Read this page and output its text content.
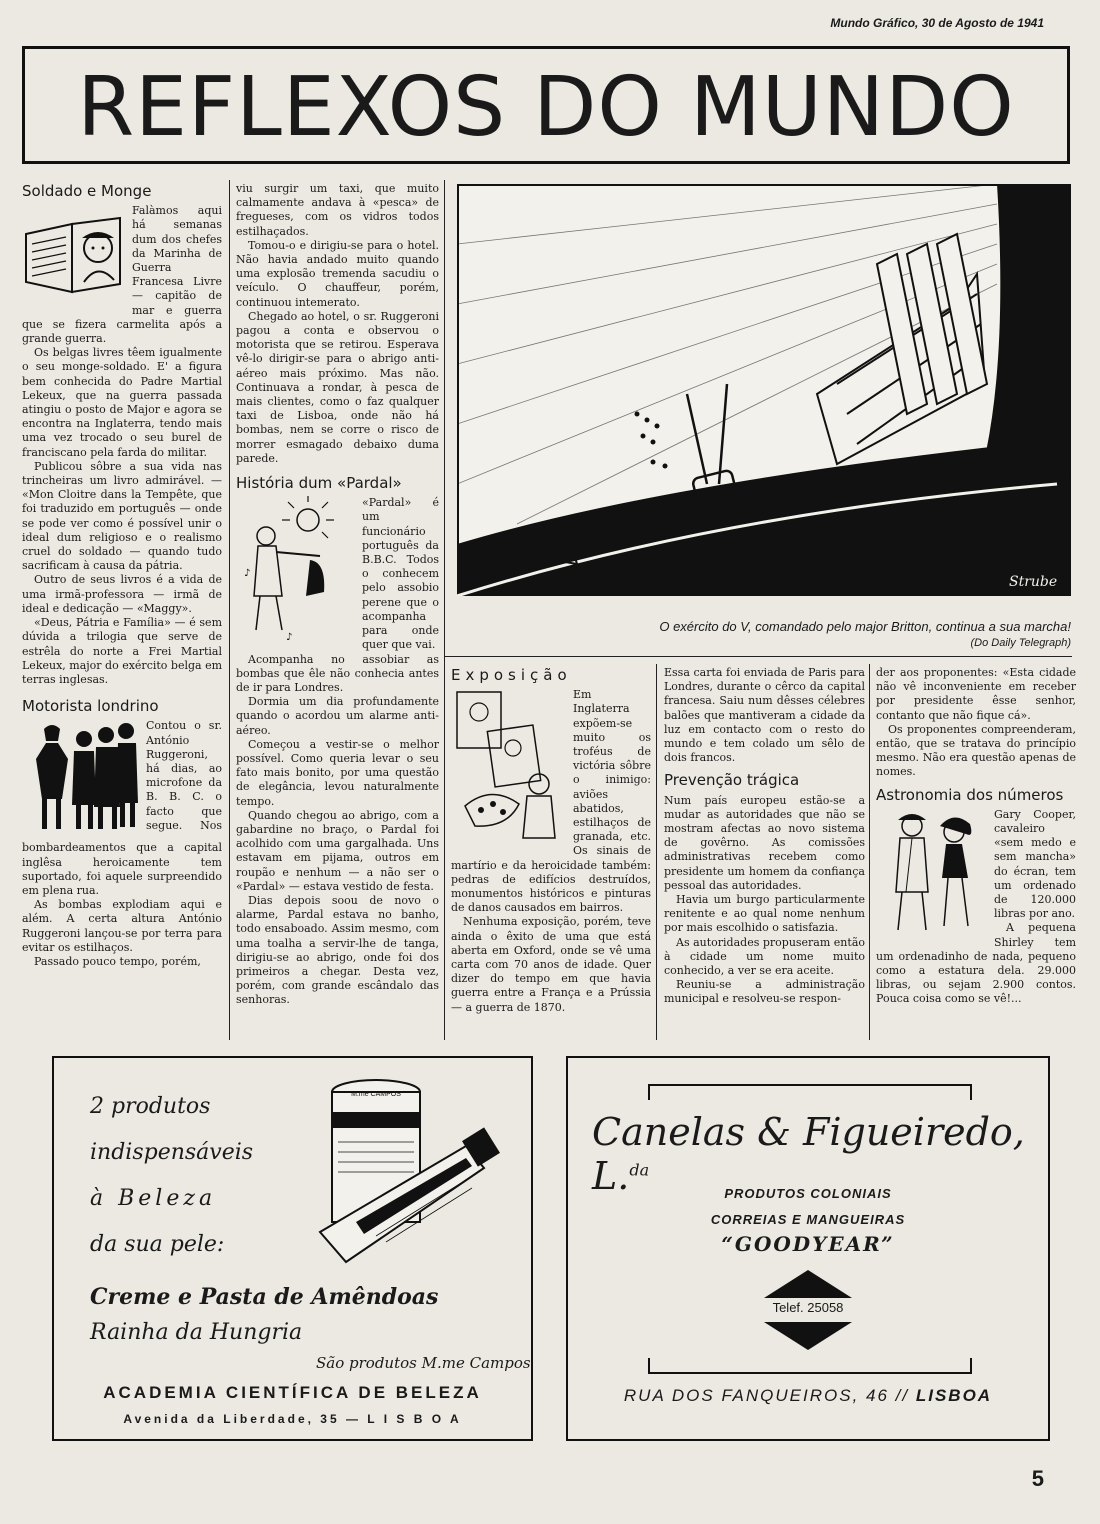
Mundo Gráfico, 30 de Agosto de 1941
REFLEXOS DO MUNDO
Soldado e Monge

Falàmos aqui há semanas dum dos chefes da Marinha de Guerra Francesa Livre — capitão de mar e guerra que se fizera carmelita após a grande guerra.

Os belgas livres têem igualmente o seu monge-soldado. E' a figura bem conhecida do Padre Martial Lekeux, que na guerra passada atingiu o posto de Major e agora se encontra na Inglaterra, tendo mais uma vez trocado o seu burel de franciscano pela farda do militar.

Publicou sôbre a sua vida nas trincheiras um livro admirável. — «Mon Cloitre dans la Tempête, que foi traduzido em português — onde se pode ver como é possível unir o ideal dum religioso e o realismo cruel do soldado — quando tudo sacrificam à causa da pátria.

Outro de seus livros é a vida de uma irmã-professora — irmã de ideal e dedicação — «Maggy».

«Deus, Pátria e Família» — é sem dúvida a trilogia que serve de estrêla do norte a Frei Martial Lekeux, major do exército belga em terras inglesas.

Motorista londrino

Contou o sr. António Ruggeroni, há dias, ao microfone da B. B. C. o facto que segue. Nos bombardeamentos que a capital inglêsa heroicamente tem suportado, foi aquele surpreendido em plena rua.

As bombas explodiam aqui e além. A certa altura António Ruggeroni lançou-se por terra para evitar os estilhaços.

Passado pouco tempo, porém,

viu surgir um taxi, que muito calmamente andava à «pesca» de fregueses, com os vidros todos estilhaçados.

Tomou-o e dirigiu-se para o hotel. Não havia andado muito quando uma explosão tremenda sacudiu o veículo. O chauffeur, porém, continuou intemerato.

Chegado ao hotel, o sr. Ruggeroni pagou a conta e observou o motorista que se retirou. Esperava vê-lo dirigir-se para o abrigo anti-aéreo mais próximo. Mas não. Continuava a rondar, à pesca de mais clientes, como o faz qualquer taxi de Lisboa, onde não há bombas, nem se corre o risco de morrer esmagado debaixo duma parede.

História dum «Pardal»
♪
♪

«Pardal» é um funcionário português da B.B.C. Todos o conhecem pelo assobio perene que o acompanha para onde quer que vai.

Acompanha no assobiar as bombas que êle não conhecia antes de ir para Londres.

Dormia um dia profundamente quando o acordou um alarme anti-aéreo.

Começou a vestir-se o melhor possível. Como queria levar o seu fato mais bonito, por uma questão de elegância, levou naturalmente tempo.

Quando chegou ao abrigo, com a gabardine no braço, o Pardal foi acolhido com uma gargalhada. Uns estavam em pijama, outros em roupão e nenhum — a não ser o «Pardal» — estava vestido de festa.

Dias depois soou de novo o alarme, Pardal estava no banho, todo ensaboado. Assim mesmo, com uma toalha a servir-lhe de tanga, dirigiu-se ao abrigo, onde foi dos primeiros a chegar. Desta vez, porém, com grande escândalo das senhoras.

Strube
O exército do V, comandado pelo major Britton, continua a sua marcha!
(Do Daily Telegraph)
Exposição

Em Inglaterra expõem-se muito os troféus de victória sôbre o inimigo: aviões abatidos, estilhaços de granada, etc. Os sinais de martírio e da heroicidade também: pedras de edifícios destruídos, monumentos históricos e pinturas de danos causados em bairros.

Nenhuma exposição, porém, teve ainda o êxito de uma que está aberta em Oxford, onde se vê uma carta com 70 anos de idade. Quer dizer do tempo em que havia guerra entre a França e a Prússia — a guerra de 1870.

Essa carta foi enviada de Paris para Londres, durante o cêrco da capital francesa. Saiu num dêsses célebres balões que mantiveram a cidade da luz em contacto com o resto do mundo e tem colado um sêlo de dois francos.

Prevenção trágica

Num país europeu estão-se a mudar as autoridades que não se mostram afectas ao novo sistema de govêrno. As comissões administrativas recebem como presidente um homem da confiança pessoal das autoridades.

Havia um burgo particularmente renitente e ao qual nome nenhum por mais escolhido o satisfazia.

As autoridades propuseram então à cidade um nome muito conhecido, a ver se era aceite.

Reuniu-se a administração municipal e resolveu-se respon-

der aos proponentes: «Esta cidade não vê inconveniente em receber por presidente êsse senhor, contanto que não fique cá».

Os proponentes compreenderam, então, que se tratava do princípio mesmo. Não era questão apenas de nomes.

Astronomia dos números

Gary Cooper, cavaleiro «sem medo e sem mancha» do écran, tem um ordenado de 120.000 libras por ano.

A pequena Shirley tem um ordenadinho de nada, pequeno como a estatura dela. 29.000 libras, ou sejam 2.900 contos. Pouca coisa como se vê!...

2 produtos
indispensáveis
à Beleza
da sua pele:
M.me CAMPOS
Creme e Pasta de Amêndoas
Rainha da Hungria
São produtos M.me Campos
ACADEMIA CIENTÍFICA DE BELEZA
Avenida da Liberdade, 35 — L I S B O A
Canelas & Figueiredo, L.$^{da}$
PRODUTOS COLONIAIS
CORREIAS E MANGUEIRAS
“GOODYEAR”
Telef. 25058
RUA DOS FANQUEIROS, 46 // LISBOA
5
